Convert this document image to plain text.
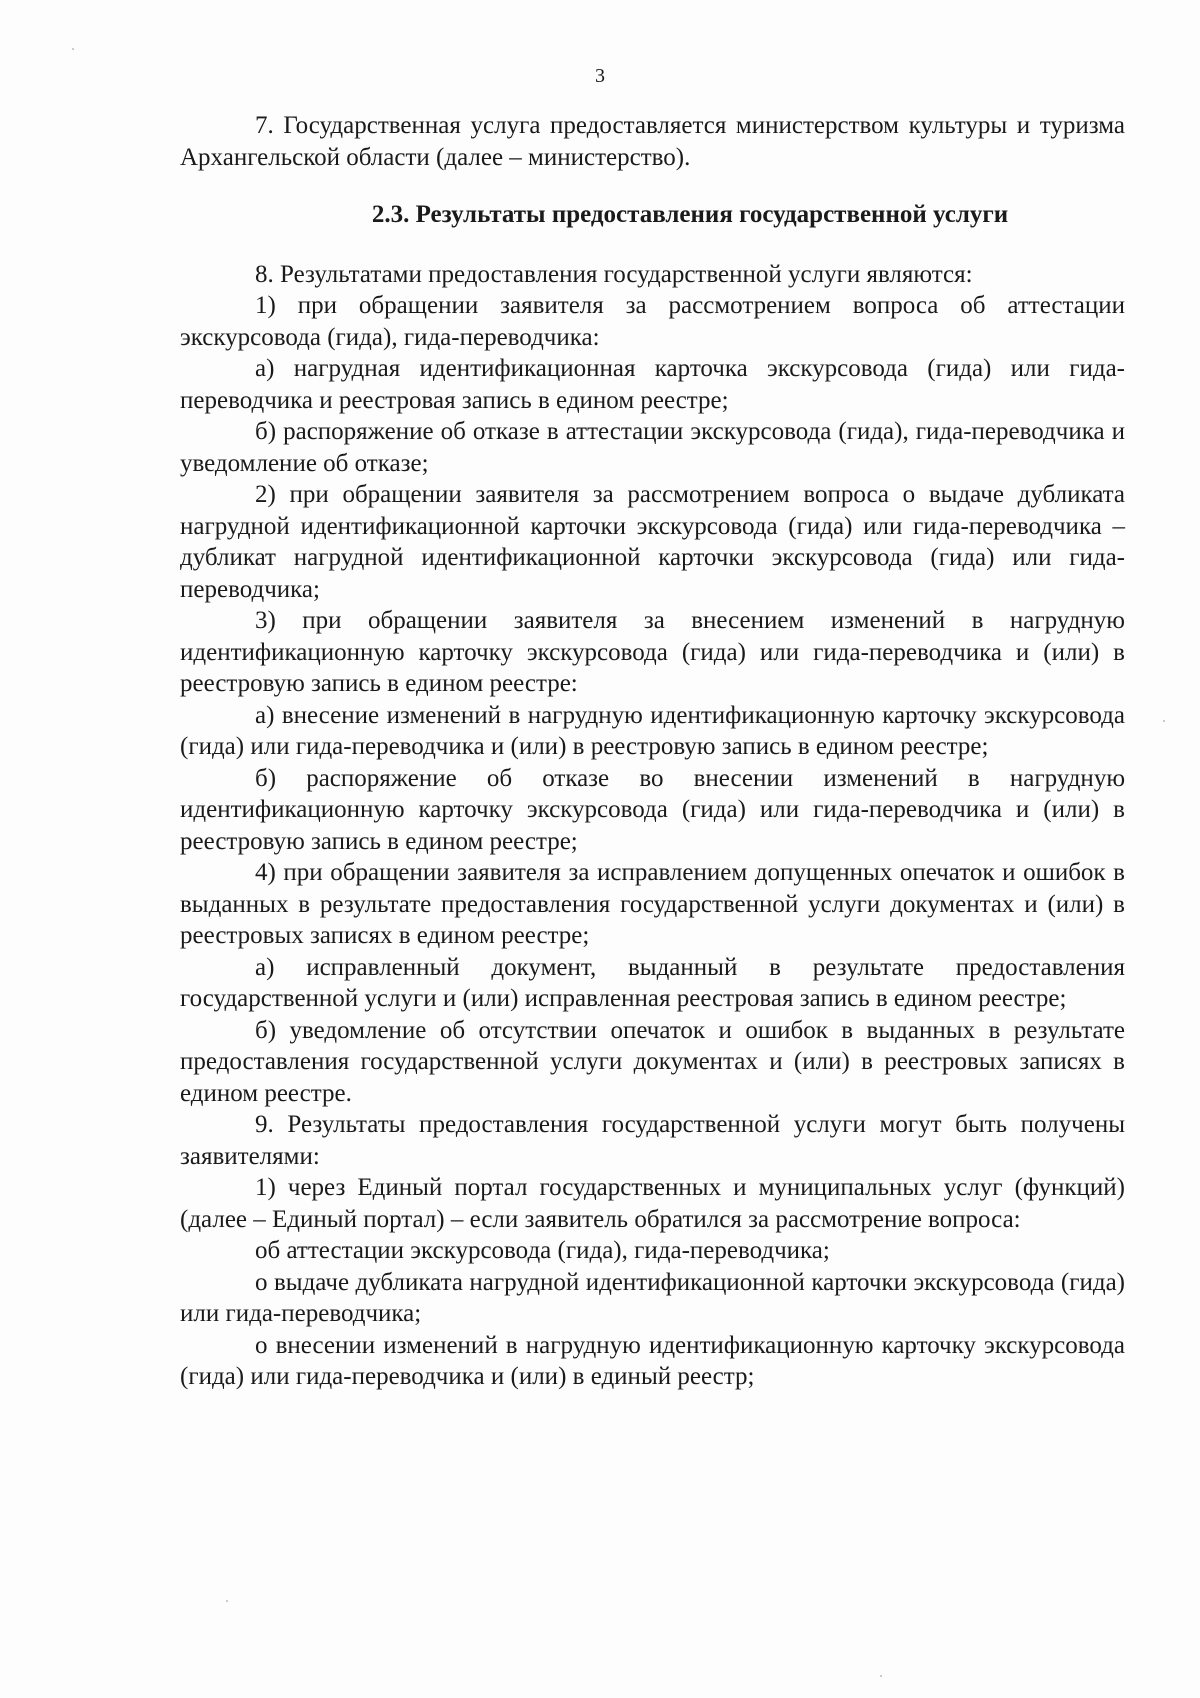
3

7. Государственная услуга предоставляется министерством культуры и туризма Архангельской области (далее – министерство).

2.3. Результаты предоставления государственной услуги

8. Результатами предоставления государственной услуги являются:

1) при обращении заявителя за рассмотрением вопроса об аттестации экскурсовода (гида), гида-переводчика:

а) нагрудная идентификационная карточка экскурсовода (гида) или гида-переводчика и реестровая запись в едином реестре;

б) распоряжение об отказе в аттестации экскурсовода (гида), гида-переводчика и уведомление об отказе;

2) при обращении заявителя за рассмотрением вопроса о выдаче дубликата нагрудной идентификационной карточки экскурсовода (гида) или гида-переводчика – дубликат нагрудной идентификационной карточки экскурсовода (гида) или гида-переводчика;

3) при обращении заявителя за внесением изменений в нагрудную идентификационную карточку экскурсовода (гида) или гида-переводчика и (или) в реестровую запись в едином реестре:

а) внесение изменений в нагрудную идентификационную карточку экскурсовода (гида) или гида-переводчика и (или) в реестровую запись в едином реестре;

б) распоряжение об отказе во внесении изменений в нагрудную идентификационную карточку экскурсовода (гида) или гида-переводчика и (или) в реестровую запись в едином реестре;

4) при обращении заявителя за исправлением допущенных опечаток и ошибок в выданных в результате предоставления государственной услуги документах и (или) в реестровых записях в едином реестре;

а) исправленный документ, выданный в результате предоставления государственной услуги и (или) исправленная реестровая запись в едином реестре;

б) уведомление об отсутствии опечаток и ошибок в выданных в результате предоставления государственной услуги документах и (или) в реестровых записях в едином реестре.

9. Результаты предоставления государственной услуги могут быть получены заявителями:

1) через Единый портал государственных и муниципальных услуг (функций) (далее – Единый портал) – если заявитель обратился за рассмотрение вопроса:

об аттестации экскурсовода (гида), гида-переводчика;

о выдаче дубликата нагрудной идентификационной карточки экскурсовода (гида) или гида-переводчика;

о внесении изменений в нагрудную идентификационную карточку экскурсовода (гида) или гида-переводчика и (или) в единый реестр;
